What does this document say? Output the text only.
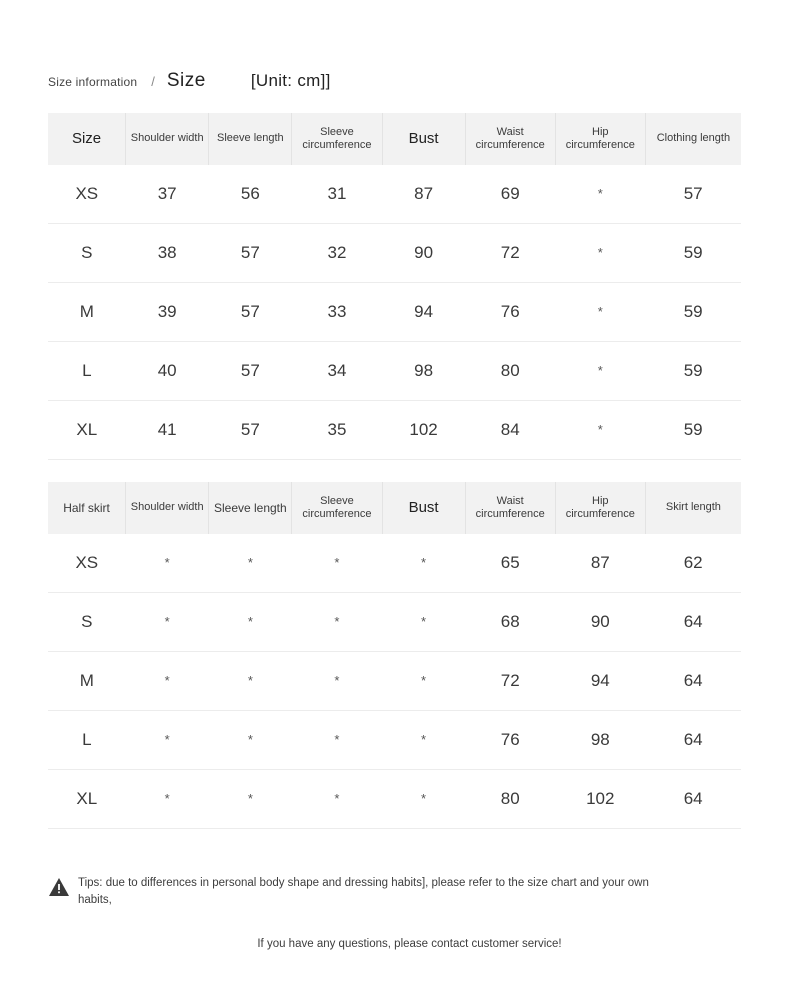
Size information / Size	[Unit: cm]]
Size	Shoulder width	Sleeve length	Sleeve circumference	Bust	Waist circumference	Hip circumference	Clothing length
XS	37	56	31	87	69	*	57
S	38	57	32	90	72	*	59
M	39	57	33	94	76	*	59
L	40	57	34	98	80	*	59
XL	41	57	35	102	84	*	59
Half skirt	Shoulder width	Sleeve length	Sleeve circumference	Bust	Waist circumference	Hip circumference	Skirt length
XS	*	*	*	*	65	87	62
S	*	*	*	*	68	90	64
M	*	*	*	*	72	94	64
L	*	*	*	*	76	98	64
XL	*	*	*	*	80	102	64
Tips: due to differences in personal body shape and dressing habits], please refer to the size chart and your own habits,
If you have any questions, please contact customer service!
